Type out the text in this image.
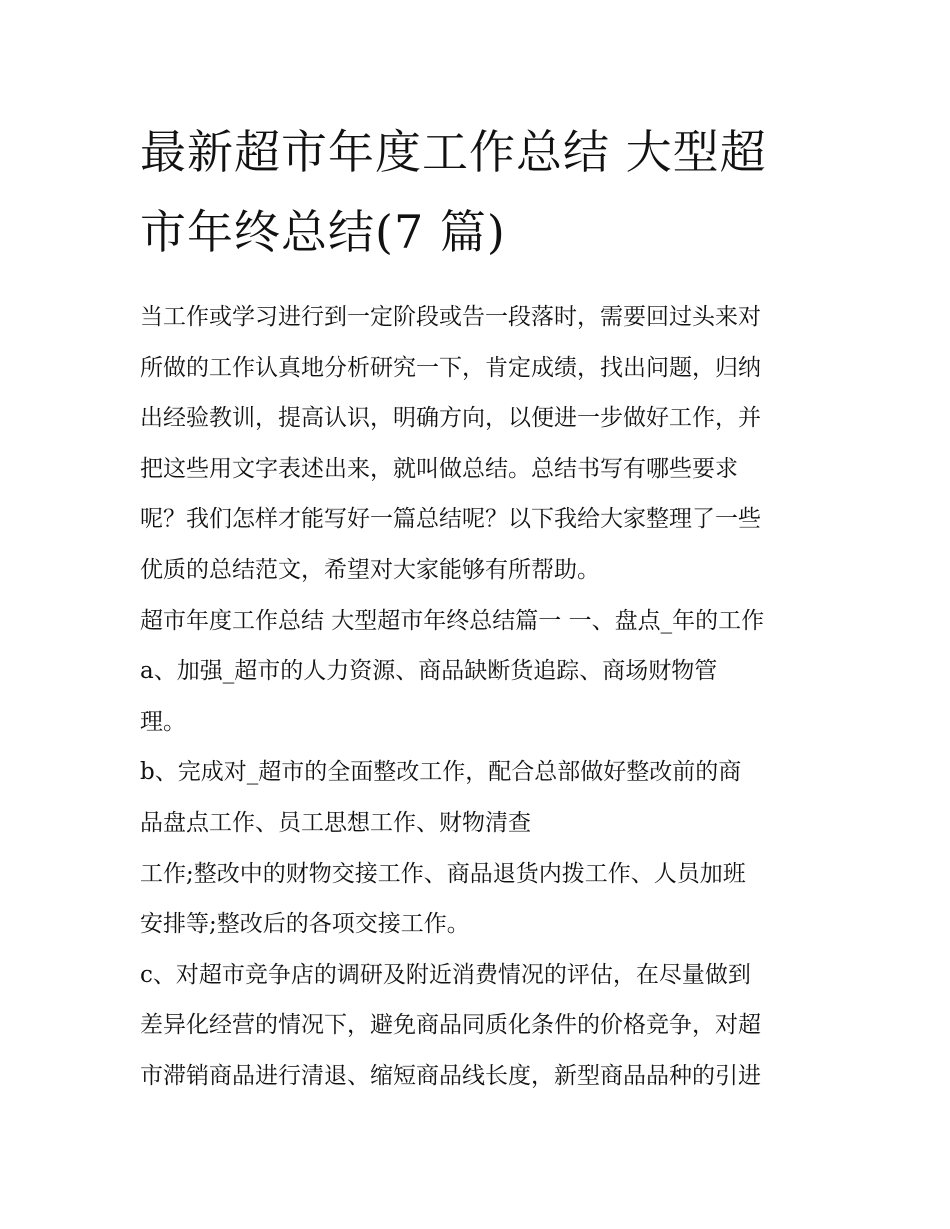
最新超市年度工作总结 大型超
市年终总结(7 篇)
当工作或学习进行到一定阶段或告一段落时，需要回过头来对
所做的工作认真地分析研究一下，肯定成绩，找出问题，归纳
出经验教训，提高认识，明确方向，以便进一步做好工作，并
把这些用文字表述出来，就叫做总结。总结书写有哪些要求
呢？我们怎样才能写好一篇总结呢？以下我给大家整理了一些
优质的总结范文，希望对大家能够有所帮助。
超市年度工作总结 大型超市年终总结篇一 一、盘点_年的工作
a、加强_超市的人力资源、商品缺断货追踪、商场财物管
理。
b、完成对_超市的全面整改工作，配合总部做好整改前的商
品盘点工作、员工思想工作、财物清查
工作;整改中的财物交接工作、商品退货内拨工作、人员加班
安排等;整改后的各项交接工作。
c、对超市竞争店的调研及附近消费情况的评估，在尽量做到
差异化经营的情况下，避免商品同质化条件的价格竞争，对超
市滞销商品进行清退、缩短商品线长度，新型商品品种的引进
